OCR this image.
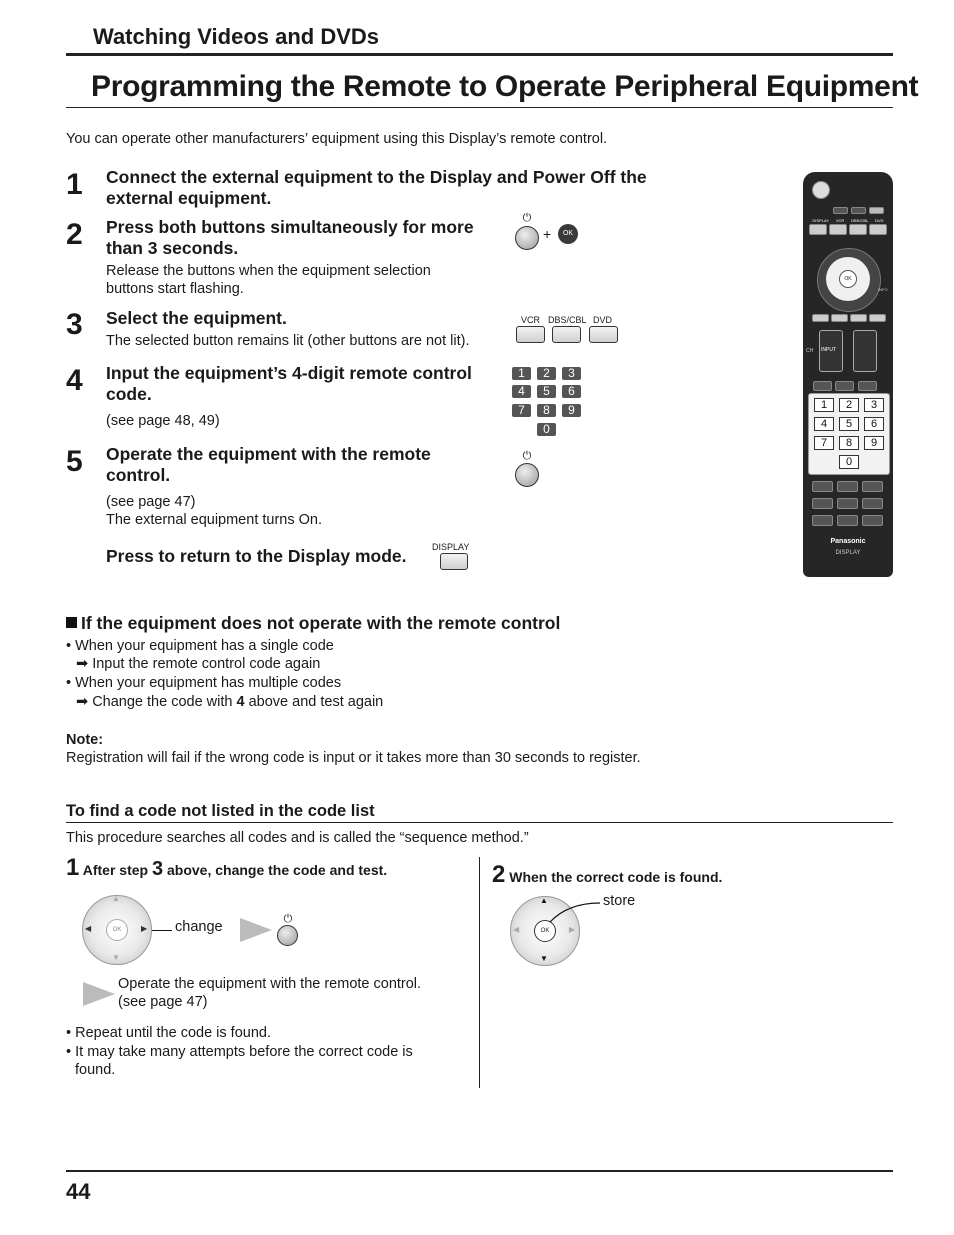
Watching Videos and DVDs
Programming the Remote to Operate Peripheral Equipment
You can operate other manufacturers’ equipment using this Display’s remote control.
1 Connect the external equipment to the Display and Power Off the external equipment.
2 Press both buttons simultaneously for more than 3 seconds.
Release the buttons when the equipment selection buttons start flashing.
⏻
+	OK
3 Select the equipment.
The selected button remains lit (other buttons are not lit).
VCR DBS/CBL DVD
4 Input the equipment’s 4-digit remote control code.
(see page 48, 49)
1	2	3
4	5	6
7	8	9
0
5 Operate the equipment with the remote control.
(see page 47)
The external equipment turns On.
⏻
Press to return to the Display mode.	DISPLAY
DISPLAY VCR DBS/CBL DVD
OK
INFO
CH INPUT
1	2	3
4	5	6
7	8	9
0
Panasonic
DISPLAY
If the equipment does not operate with the remote control
• When your equipment has a single code
➡ Input the remote control code again
• When your equipment has multiple codes
➡ Change the code with 4 above and test again
Note:
Registration will fail if the wrong code is input or it takes more than 30 seconds to register.
To find a code not listed in the code list
This procedure searches all codes and is called the “sequence method.”
1 After step 3 above, change the code and test.
OK
▲
▼
◀	▶ change	⏻
Operate the equipment with the remote control.
(see page 47)
• Repeat until the code is found.
• It may take many attempts before the correct code is
found.
2 When the correct code is found.
OK
▲
▼
◀	▶
store
44
